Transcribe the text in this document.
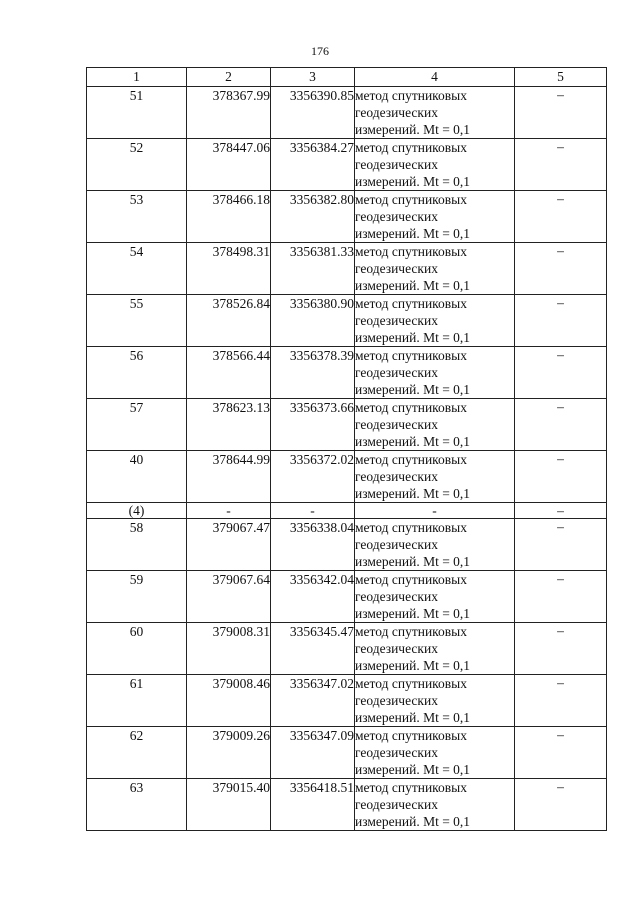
176
1	2	3	4	5
51	378367.99	3356390.85	метод спутниковых
геодезических
измерений. Mt = 0,1	–
52	378447.06	3356384.27	метод спутниковых
геодезических
измерений. Mt = 0,1	–
53	378466.18	3356382.80	метод спутниковых
геодезических
измерений. Mt = 0,1	–
54	378498.31	3356381.33	метод спутниковых
геодезических
измерений. Mt = 0,1	–
55	378526.84	3356380.90	метод спутниковых
геодезических
измерений. Mt = 0,1	–
56	378566.44	3356378.39	метод спутниковых
геодезических
измерений. Mt = 0,1	–
57	378623.13	3356373.66	метод спутниковых
геодезических
измерений. Mt = 0,1	–
40	378644.99	3356372.02	метод спутниковых
геодезических
измерений. Mt = 0,1	–
(4)	-	-	-	–
58	379067.47	3356338.04	метод спутниковых
геодезических
измерений. Mt = 0,1	–
59	379067.64	3356342.04	метод спутниковых
геодезических
измерений. Mt = 0,1	–
60	379008.31	3356345.47	метод спутниковых
геодезических
измерений. Mt = 0,1	–
61	379008.46	3356347.02	метод спутниковых
геодезических
измерений. Mt = 0,1	–
62	379009.26	3356347.09	метод спутниковых
геодезических
измерений. Mt = 0,1	–
63	379015.40	3356418.51	метод спутниковых
геодезических
измерений. Mt = 0,1	–
